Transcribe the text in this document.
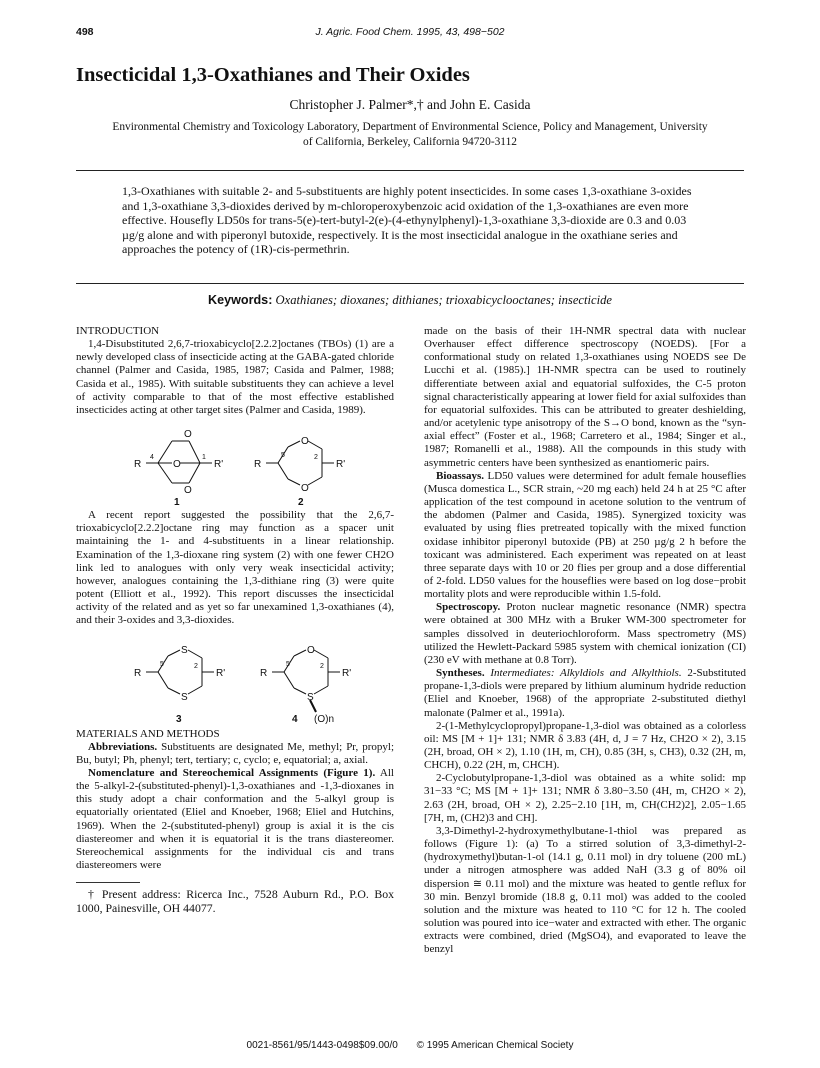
498	J. Agric. Food Chem. 1995, 43, 498−502
Insecticidal 1,3-Oxathianes and Their Oxides
Christopher J. Palmer*,† and John E. Casida
Environmental Chemistry and Toxicology Laboratory, Department of Environmental Science, Policy and Management, University of California, Berkeley, California 94720-3112

1,3-Oxathianes with suitable 2- and 5-substituents are highly potent insecticides. In some cases 1,3-oxathiane 3-oxides and 1,3-oxathiane 3,3-dioxides derived by m-chloroperoxybenzoic acid oxidation of the 1,3-oxathianes are even more effective. Housefly LD50s for trans-5(e)-tert-butyl-2(e)-(4-ethynylphenyl)-1,3-oxathiane 3,3-dioxide are 0.3 and 0.03 µg/g alone and with piperonyl butoxide, respectively. It is the most insecticidal analogue in the oxathiane series and approaches the potency of (1R)-cis-permethrin.

Keywords: Oxathianes; dioxanes; dithianes; trioxabicyclooctanes; insecticide

INTRODUCTION

1,4-Disubstituted 2,6,7-trioxabicyclo[2.2.2]octanes (TBOs) (1) are a newly developed class of insecticide acting at the GABA-gated chloride channel (Palmer and Casida, 1985, 1987; Casida and Palmer, 1988; Casida et al., 1985). With suitable substituents they can achieve a level of activity comparable to that of the most effective established insecticides acting at other target sites (Palmer and Casida, 1989).

R
4
O
O
O
1
R'
1
R
5
O
O
2
R'
2

A recent report suggested the possibility that the 2,6,7-trioxabicyclo[2.2.2]octane ring may function as a spacer unit maintaining the 1- and 4-substituents in a linear relationship. Examination of the 1,3-dioxane ring system (2) with one fewer CH2O link led to analogues with only very weak insecticidal activity; however, analogues containing the 1,3-dithiane ring (3) were quite potent (Elliott et al., 1992). This report discusses the insecticidal activity of the related and as yet so far unexamined 1,3-oxathianes (4), and their 3-oxides and 3,3-dioxides.

R
5
S
S
2
R'
3
R
5
O
S
2
R'
4 (O)n

MATERIALS AND METHODS

Abbreviations. Substituents are designated Me, methyl; Pr, propyl; Bu, butyl; Ph, phenyl; tert, tertiary; c, cyclo; e, equatorial; a, axial.

Nomenclature and Stereochemical Assignments (Figure 1). All the 5-alkyl-2-(substituted-phenyl)-1,3-oxathianes and -1,3-dioxanes in this study adopt a chair conformation and the 5-alkyl group is equatorially orientated (Eliel and Knoeber, 1968; Eliel and Hutchins, 1969). When the 2-(substituted-phenyl) group is axial it is the cis diastereomer and when it is equatorial it is the trans diastereomer. Stereochemical assignments for the individual cis and trans diastereomers were

† Present address: Ricerca Inc., 7528 Auburn Rd., P.O. Box 1000, Painesville, OH 44077.

made on the basis of their 1H-NMR spectral data with nuclear Overhauser effect difference spectroscopy (NOEDS). [For a conformational study on related 1,3-oxathianes using NOEDS see De Lucchi et al. (1985).] 1H-NMR spectra can be used to routinely differentiate between axial and equatorial sulfoxides, the C-5 proton signal characteristically appearing at lower field for axial sulfoxides than for equatorial sulfoxides. This can be attributed to greater deshielding, and/or acetylenic type anisotropy of the S→O bond, known as the “syn-axial effect” (Foster et al., 1968; Carretero et al., 1984; Singer et al., 1987; Romanelli et al., 1988). All the compounds in this study with asymmetric centers have been synthesized as enantiomeric pairs.

Bioassays. LD50 values were determined for adult female houseflies (Musca domestica L., SCR strain, ~20 mg each) held 24 h at 25 °C after application of the test compound in acetone solution to the ventrum of the abdomen (Palmer and Casida, 1985). Synergized toxicity was evaluated by using flies pretreated topically with the mixed function oxidase inhibitor piperonyl butoxide (PB) at 250 µg/g 2 h before the toxicant was administered. Each experiment was repeated on at least three separate days with 10 or 20 flies per group and a dose differential of 2-fold. LD50 values for the houseflies were based on log dose−probit mortality plots and were reproducible within 1.5-fold.

Spectroscopy. Proton nuclear magnetic resonance (NMR) spectra were obtained at 300 MHz with a Bruker WM-300 spectrometer for samples dissolved in deuteriochloroform. Mass spectrometry (MS) utilized the Hewlett-Packard 5985 system with chemical ionization (CI) (230 eV with methane at 0.8 Torr).

Syntheses. Intermediates: Alkyldiols and Alkylthiols. 2-Substituted propane-1,3-diols were prepared by lithium aluminum hydride reduction (Eliel and Knoeber, 1968) of the appropriate 2-substituted diethyl malonate (Palmer et al., 1991a).

2-(1-Methylcyclopropyl)propane-1,3-diol was obtained as a colorless oil: MS [M + 1]+ 131; NMR δ 3.83 (4H, d, J = 7 Hz, CH2O × 2), 3.15 (2H, broad, OH × 2), 1.10 (1H, m, CH), 0.85 (3H, s, CH3), 0.32 (2H, m, CHCH), 0.22 (2H, m, CHCH).

2-Cyclobutylpropane-1,3-diol was obtained as a white solid: mp 31−33 °C; MS [M + 1]+ 131; NMR δ 3.80−3.50 (4H, m, CH2O × 2), 2.63 (2H, broad, OH × 2), 2.25−2.10 [1H, m, CH(CH2)2], 2.05−1.65 [7H, m, (CH2)3 and CH].

3,3-Dimethyl-2-hydroxymethylbutane-1-thiol was prepared as follows (Figure 1): (a) To a stirred solution of 3,3-dimethyl-2-(hydroxymethyl)butan-1-ol (14.1 g, 0.11 mol) in dry toluene (200 mL) under a nitrogen atmosphere was added NaH (3.3 g of 80% oil dispersion ≅ 0.11 mol) and the mixture was heated to gentle reflux for 30 min. Benzyl bromide (18.8 g, 0.11 mol) was added to the cooled solution and the mixture was heated to 110 °C for 12 h. The cooled solution was poured into ice−water and extracted with ether. The organic extracts were combined, dried (MgSO4), and evaporated to leave the benzyl

0021-8561/95/1443-0498$09.00/0 © 1995 American Chemical Society
